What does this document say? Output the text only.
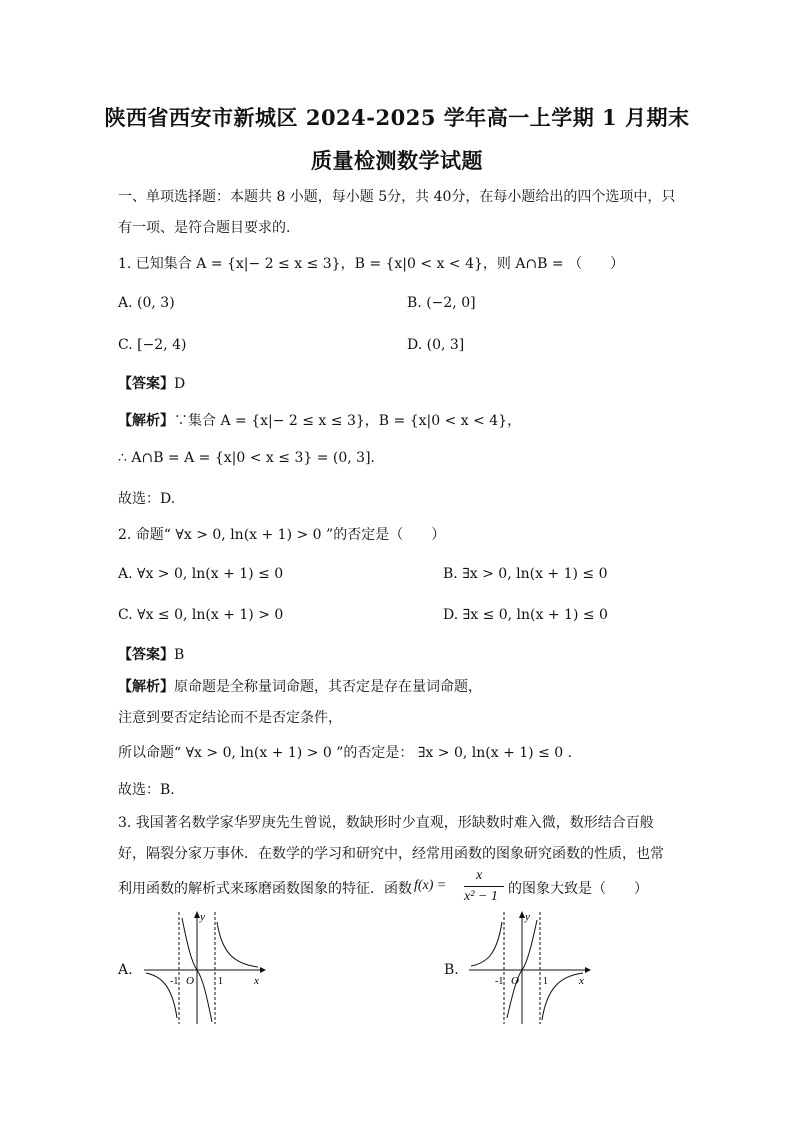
陕西省西安市新城区 2024-2025 学年高一上学期 1 月期末
质量检测数学试题
一、单项选择题：本题共 8 小题，每小题 5分，共 40分，在每小题给出的四个选项中，只
有一项、是符合题目要求的.
1. 已知集合 A = {x|− 2 ≤ x ≤ 3}，B = {x|0 < x < 4}，则 A∩B = （　　）
A. (0, 3)	B. (−2, 0]
C. [−2, 4)	D. (0, 3]
【答案】D
【解析】∵集合 A = {x|− 2 ≤ x ≤ 3}，B = {x|0 < x < 4}，
∴ A∩B = A = {x|0 < x ≤ 3} = (0, 3].
故选：D.
2. 命题“ ∀x > 0, ln(x + 1) > 0 ”的否定是（　　）
A. ∀x > 0, ln(x + 1) ≤ 0	B. ∃x > 0, ln(x + 1) ≤ 0
C. ∀x ≤ 0, ln(x + 1) > 0	D. ∃x ≤ 0, ln(x + 1) ≤ 0
【答案】B
【解析】原命题是全称量词命题，其否定是存在量词命题，
注意到要否定结论而不是否定条件，
所以命题“ ∀x > 0, ln(x + 1) > 0 ”的否定是： ∃x > 0, ln(x + 1) ≤ 0 .
故选：B.
3. 我国著名数学家华罗庚先生曾说，数缺形时少直观，形缺数时难入微，数形结合百般
好，隔裂分家万事休．在数学的学习和研究中，经常用函数的图象研究函数的性质，也常
利用函数的解析式来琢磨函数图象的特征．函数 f(x) =
x
x² − 1 的图象大致是（　　）
A.
y
x
O
-1	1
B.
y
x
O
-1	1
